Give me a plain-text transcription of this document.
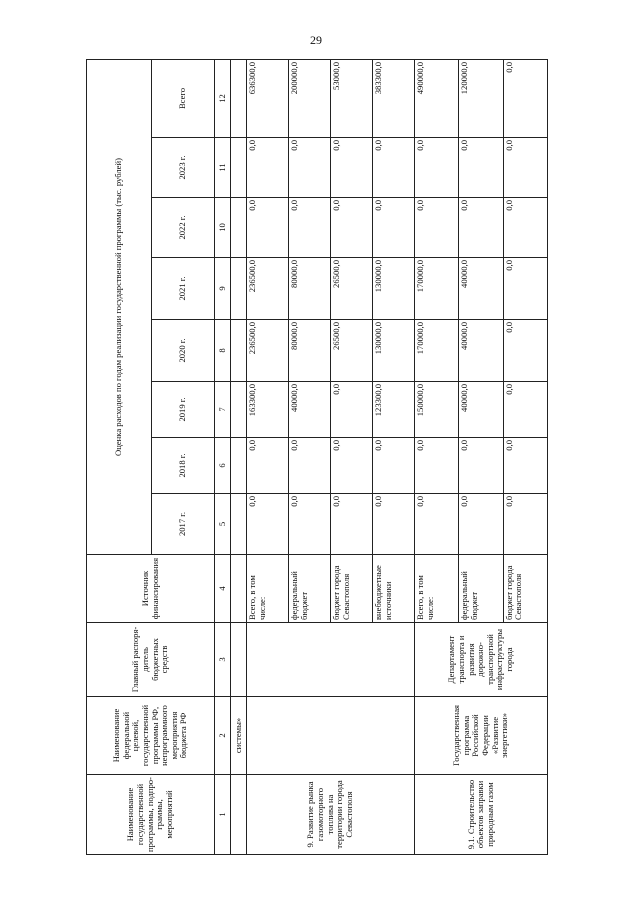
29
Наименование государственной программы, подпрограммы, мероприятий	Наименование федеральной целевой, государственной программы РФ, непрограммного мероприятия бюджета РФ	Главный распорядитель бюджетных средств	Источник финансирования	Оценка расходов по годам реализации государственной программы (тыс. рублей)							
				2017 г.	2018 г.	2019 г.	2020 г.	2021 г.	2022 г.	2023 г.	Всего
1	2	3	4	5	6	7	8	9	10	11	12
	системы»										
9. Развитие рынка газомоторного топлива на территории города Севастополя			Всего, в том числе:	0,0	0,0	163300,0	236500,0	236500,0	0,0	0,0	636300,0
			федеральный бюджет	0,0	0,0	40000,0	80000,0	80000,0	0,0	0,0	200000,0
			бюджет города Севастополя	0,0	0,0	0,0	26500,0	26500,0	0,0	0,0	53000,0
			внебюджетные источники	0,0	0,0	123300,0	130000,0	130000,0	0,0	0,0	383300,0
9.1. Строительство объектов заправки природным газом	Государственная программа Российской Федерации «Развитие энергетики»	Департамент транспорта и развития дорожно-транспортной инфраструктуры города	Всего, в том числе:	0,0	0,0	150000,0	170000,0	170000,0	0,0	0,0	490000,0
			федеральный бюджет	0,0	0,0	40000,0	40000,0	40000,0	0,0	0,0	120000,0
			бюджет города Севастополя	0,0	0,0	0,0	0,0	0,0	0,0	0,0	0,0
